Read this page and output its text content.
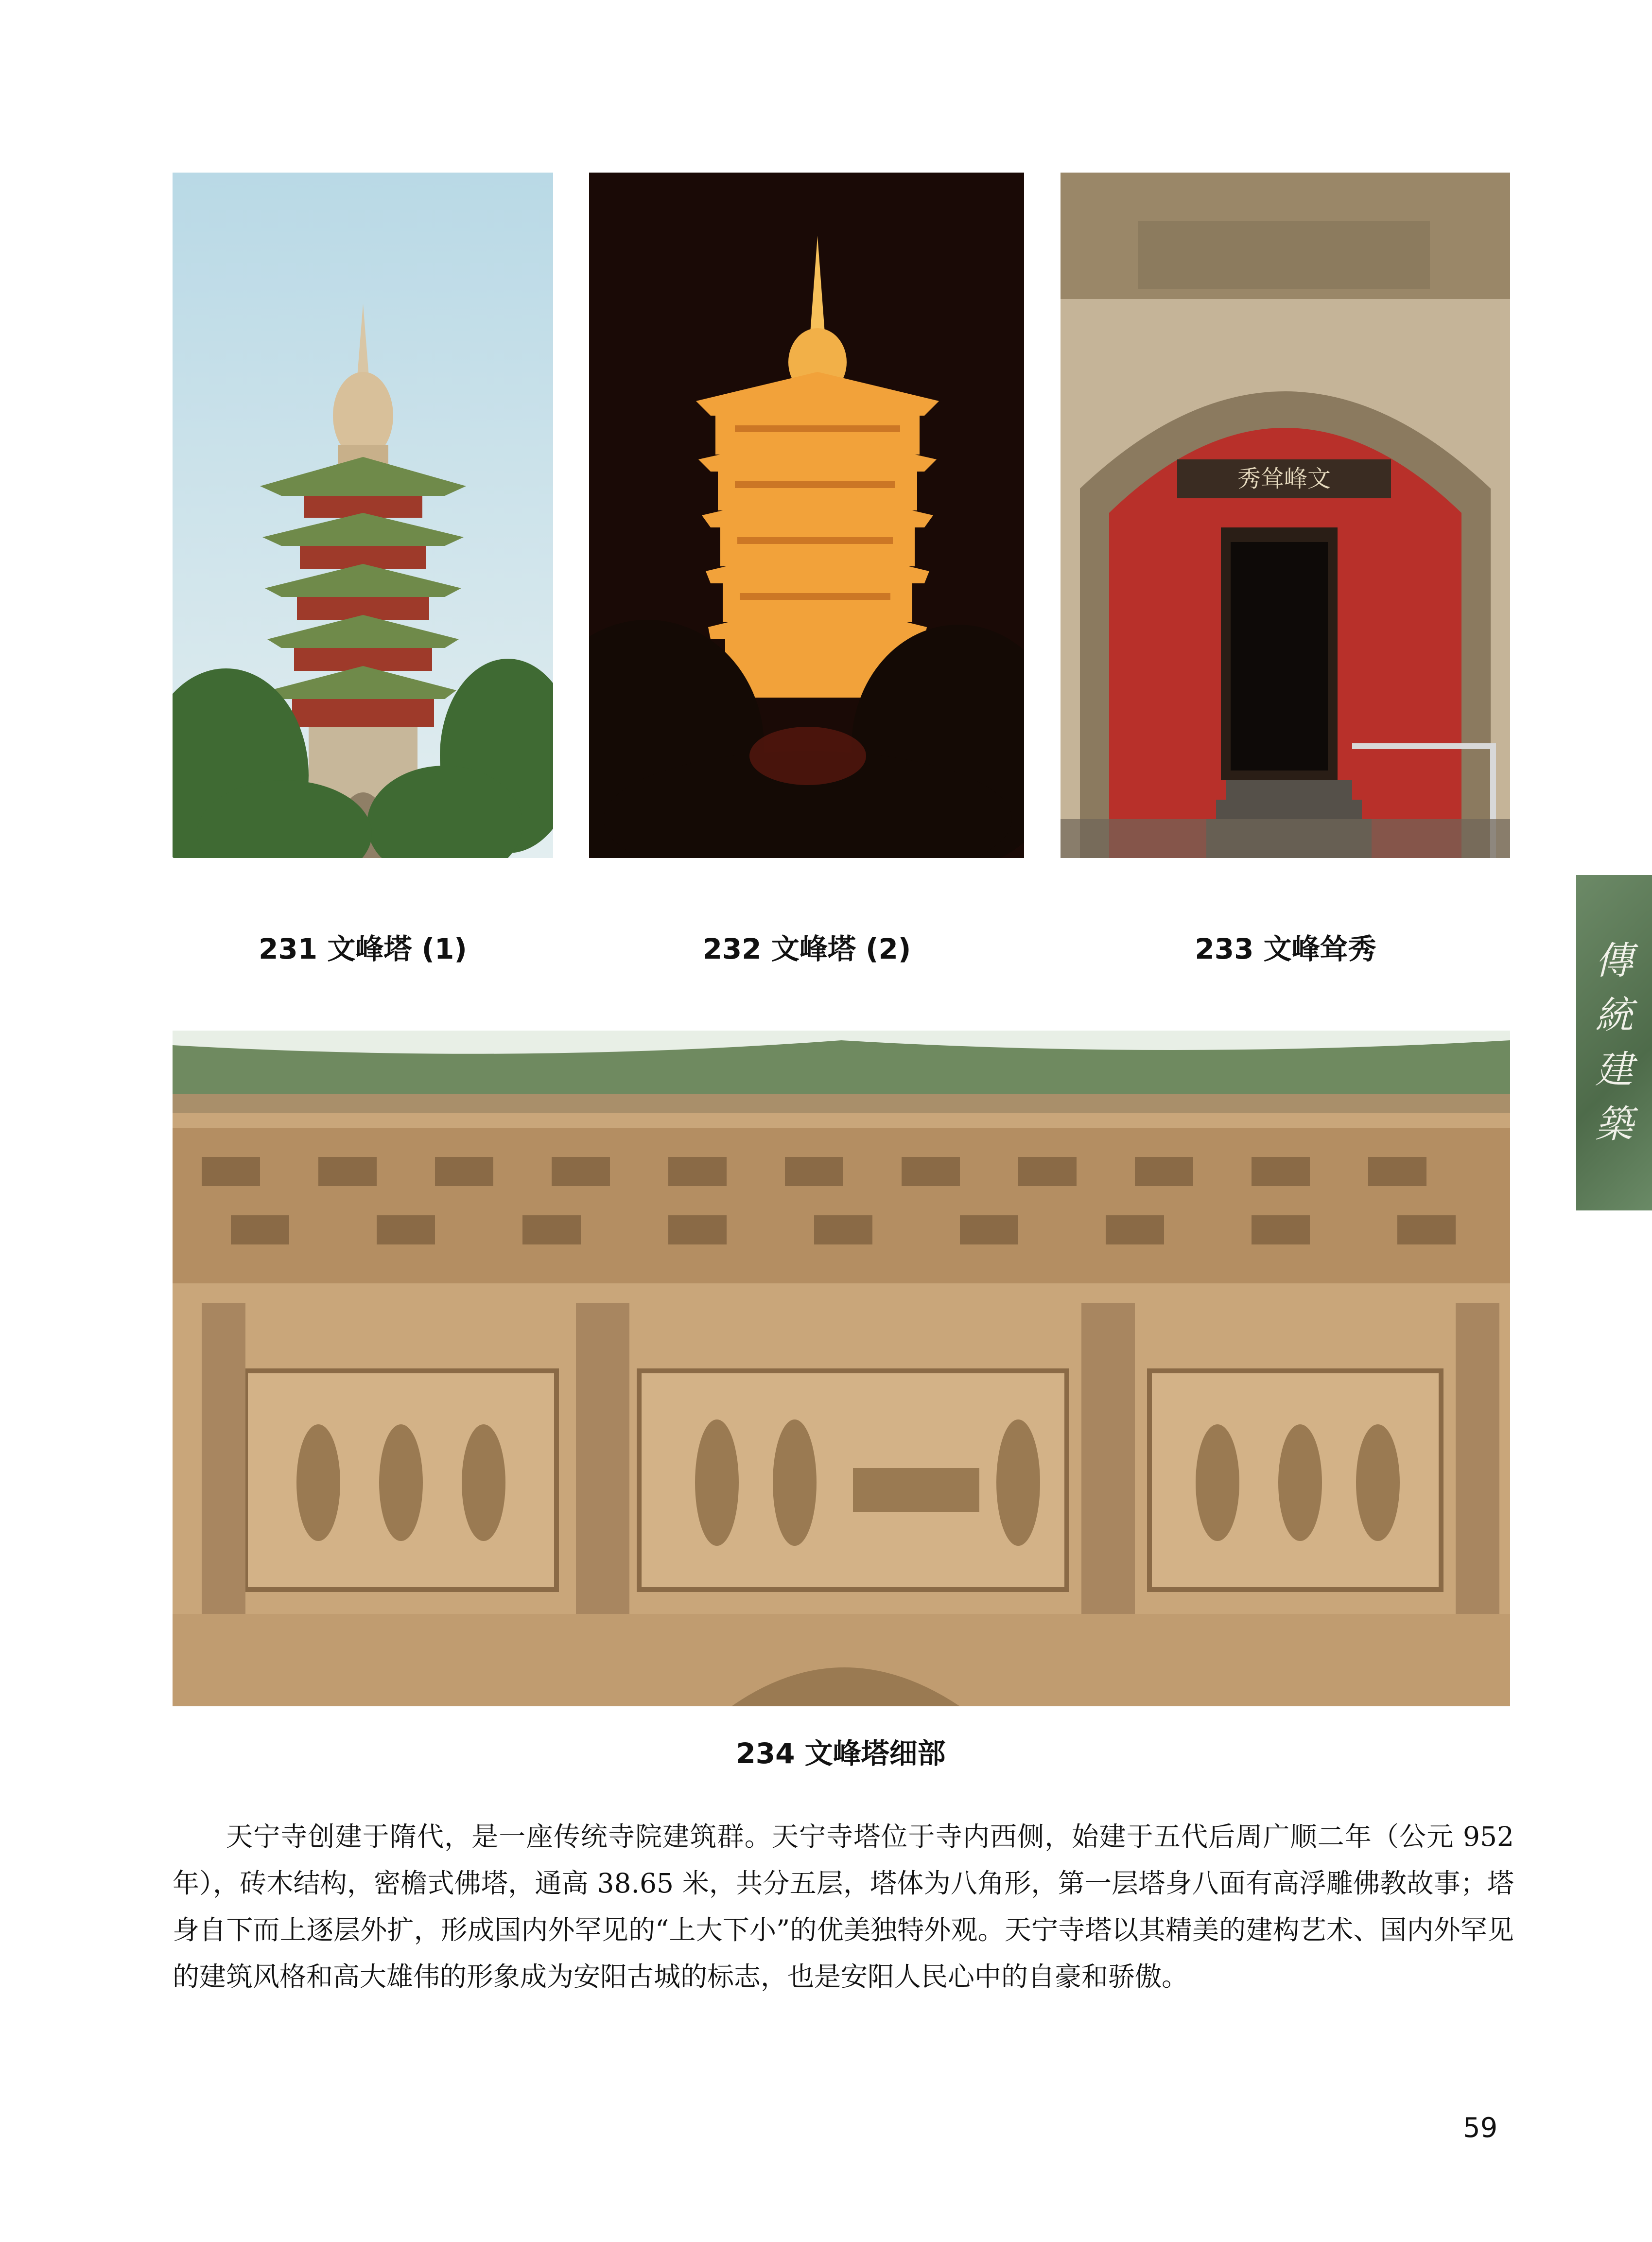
秀耸峰文
231 文峰塔 (1)	232 文峰塔 (2)	233 文峰耸秀
234 文峰塔细部

天宁寺创建于隋代，是一座传统寺院建筑群。天宁寺塔位于寺内西侧，始建于五代后周广顺二年（公元 952 年），砖木结构，密檐式佛塔，通高 38.65 米，共分五层，塔体为八角形，第一层塔身八面有高浮雕佛教故事；塔身自下而上逐层外扩，形成国内外罕见的“上大下小”的优美独特外观。天宁寺塔以其精美的建构艺术、国内外罕见的建筑风格和高大雄伟的形象成为安阳古城的标志，也是安阳人民心中的自豪和骄傲。

傳
統
建
築
59
